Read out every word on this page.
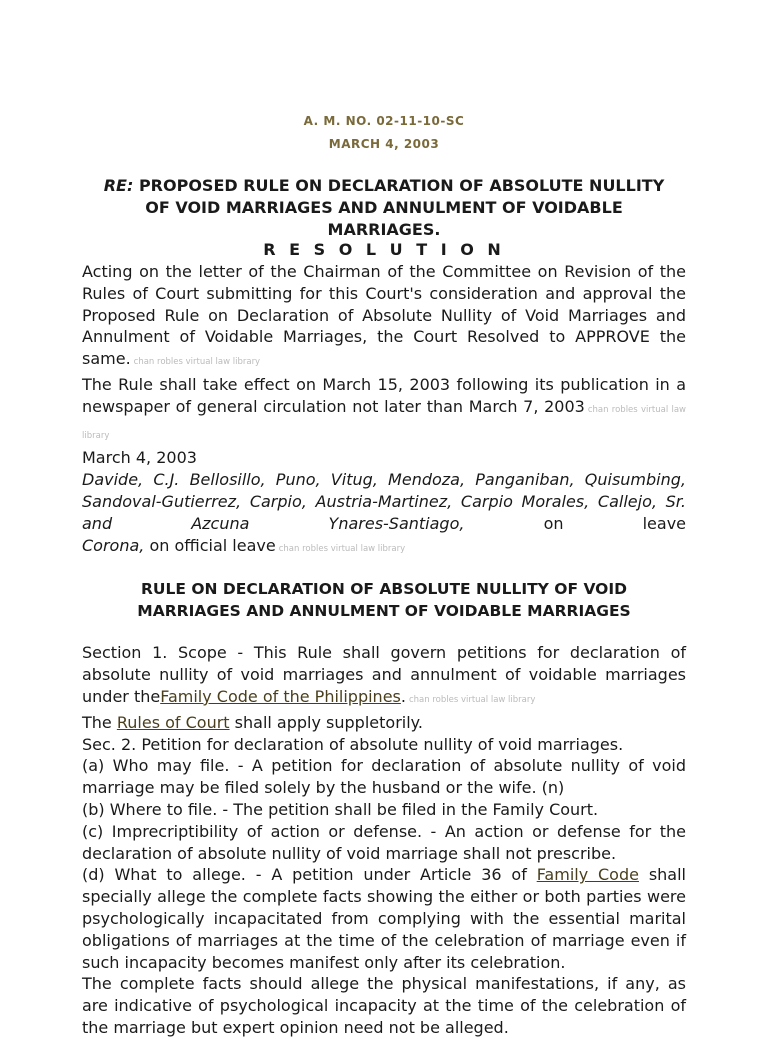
A. M. NO. 02-11-10-SC
MARCH 4, 2003
RE: PROPOSED RULE ON DECLARATION OF ABSOLUTE NULLITY OF VOID MARRIAGES AND ANNULMENT OF VOIDABLE MARRIAGES.
R E S O L U T I O N

Acting on the letter of the Chairman of the Committee on Revision of the Rules of Court submitting for this Court's consideration and approval the Proposed Rule on Declaration of Absolute Nullity of Void Marriages and Annulment of Voidable Marriages, the Court Resolved to APPROVE the same. chan robles virtual law library

The Rule shall take effect on March 15, 2003 following its publication in a newspaper of general circulation not later than March 7, 2003 chan robles virtual law library

March 4, 2003

Davide, C.J. Bellosillo, Puno, Vitug, Mendoza, Panganiban, Quisumbing, Sandoval-Gutierrez, Carpio, Austria-Martinez, Carpio Morales, Callejo, Sr. and Azcuna	Ynares-Santiago,	on leave

Corona, on official leave chan robles virtual law library

RULE ON DECLARATION OF ABSOLUTE NULLITY OF VOID MARRIAGES AND ANNULMENT OF VOIDABLE MARRIAGES

Section 1. Scope - This Rule shall govern petitions for declaration of absolute nullity of void marriages and annulment of voidable marriages under theFamily Code of the Philippines. chan robles virtual law library

The Rules of Court shall apply suppletorily.

Sec. 2. Petition for declaration of absolute nullity of void marriages.

(a) Who may file. - A petition for declaration of absolute nullity of void marriage may be filed solely by the husband or the wife. (n)

(b) Where to file. - The petition shall be filed in the Family Court.

(c) Imprecriptibility of action or defense. - An action or defense for the declaration of absolute nullity of void marriage shall not prescribe.

(d) What to allege. - A petition under Article 36 of Family Code shall specially allege the complete facts showing the either or both parties were psychologically incapacitated from complying with the essential marital obligations of marriages at the time of the celebration of marriage even if such incapacity becomes manifest only after its celebration.

The complete facts should allege the physical manifestations, if any, as are indicative of psychological incapacity at the time of the celebration of the marriage but expert opinion need not be alleged.
